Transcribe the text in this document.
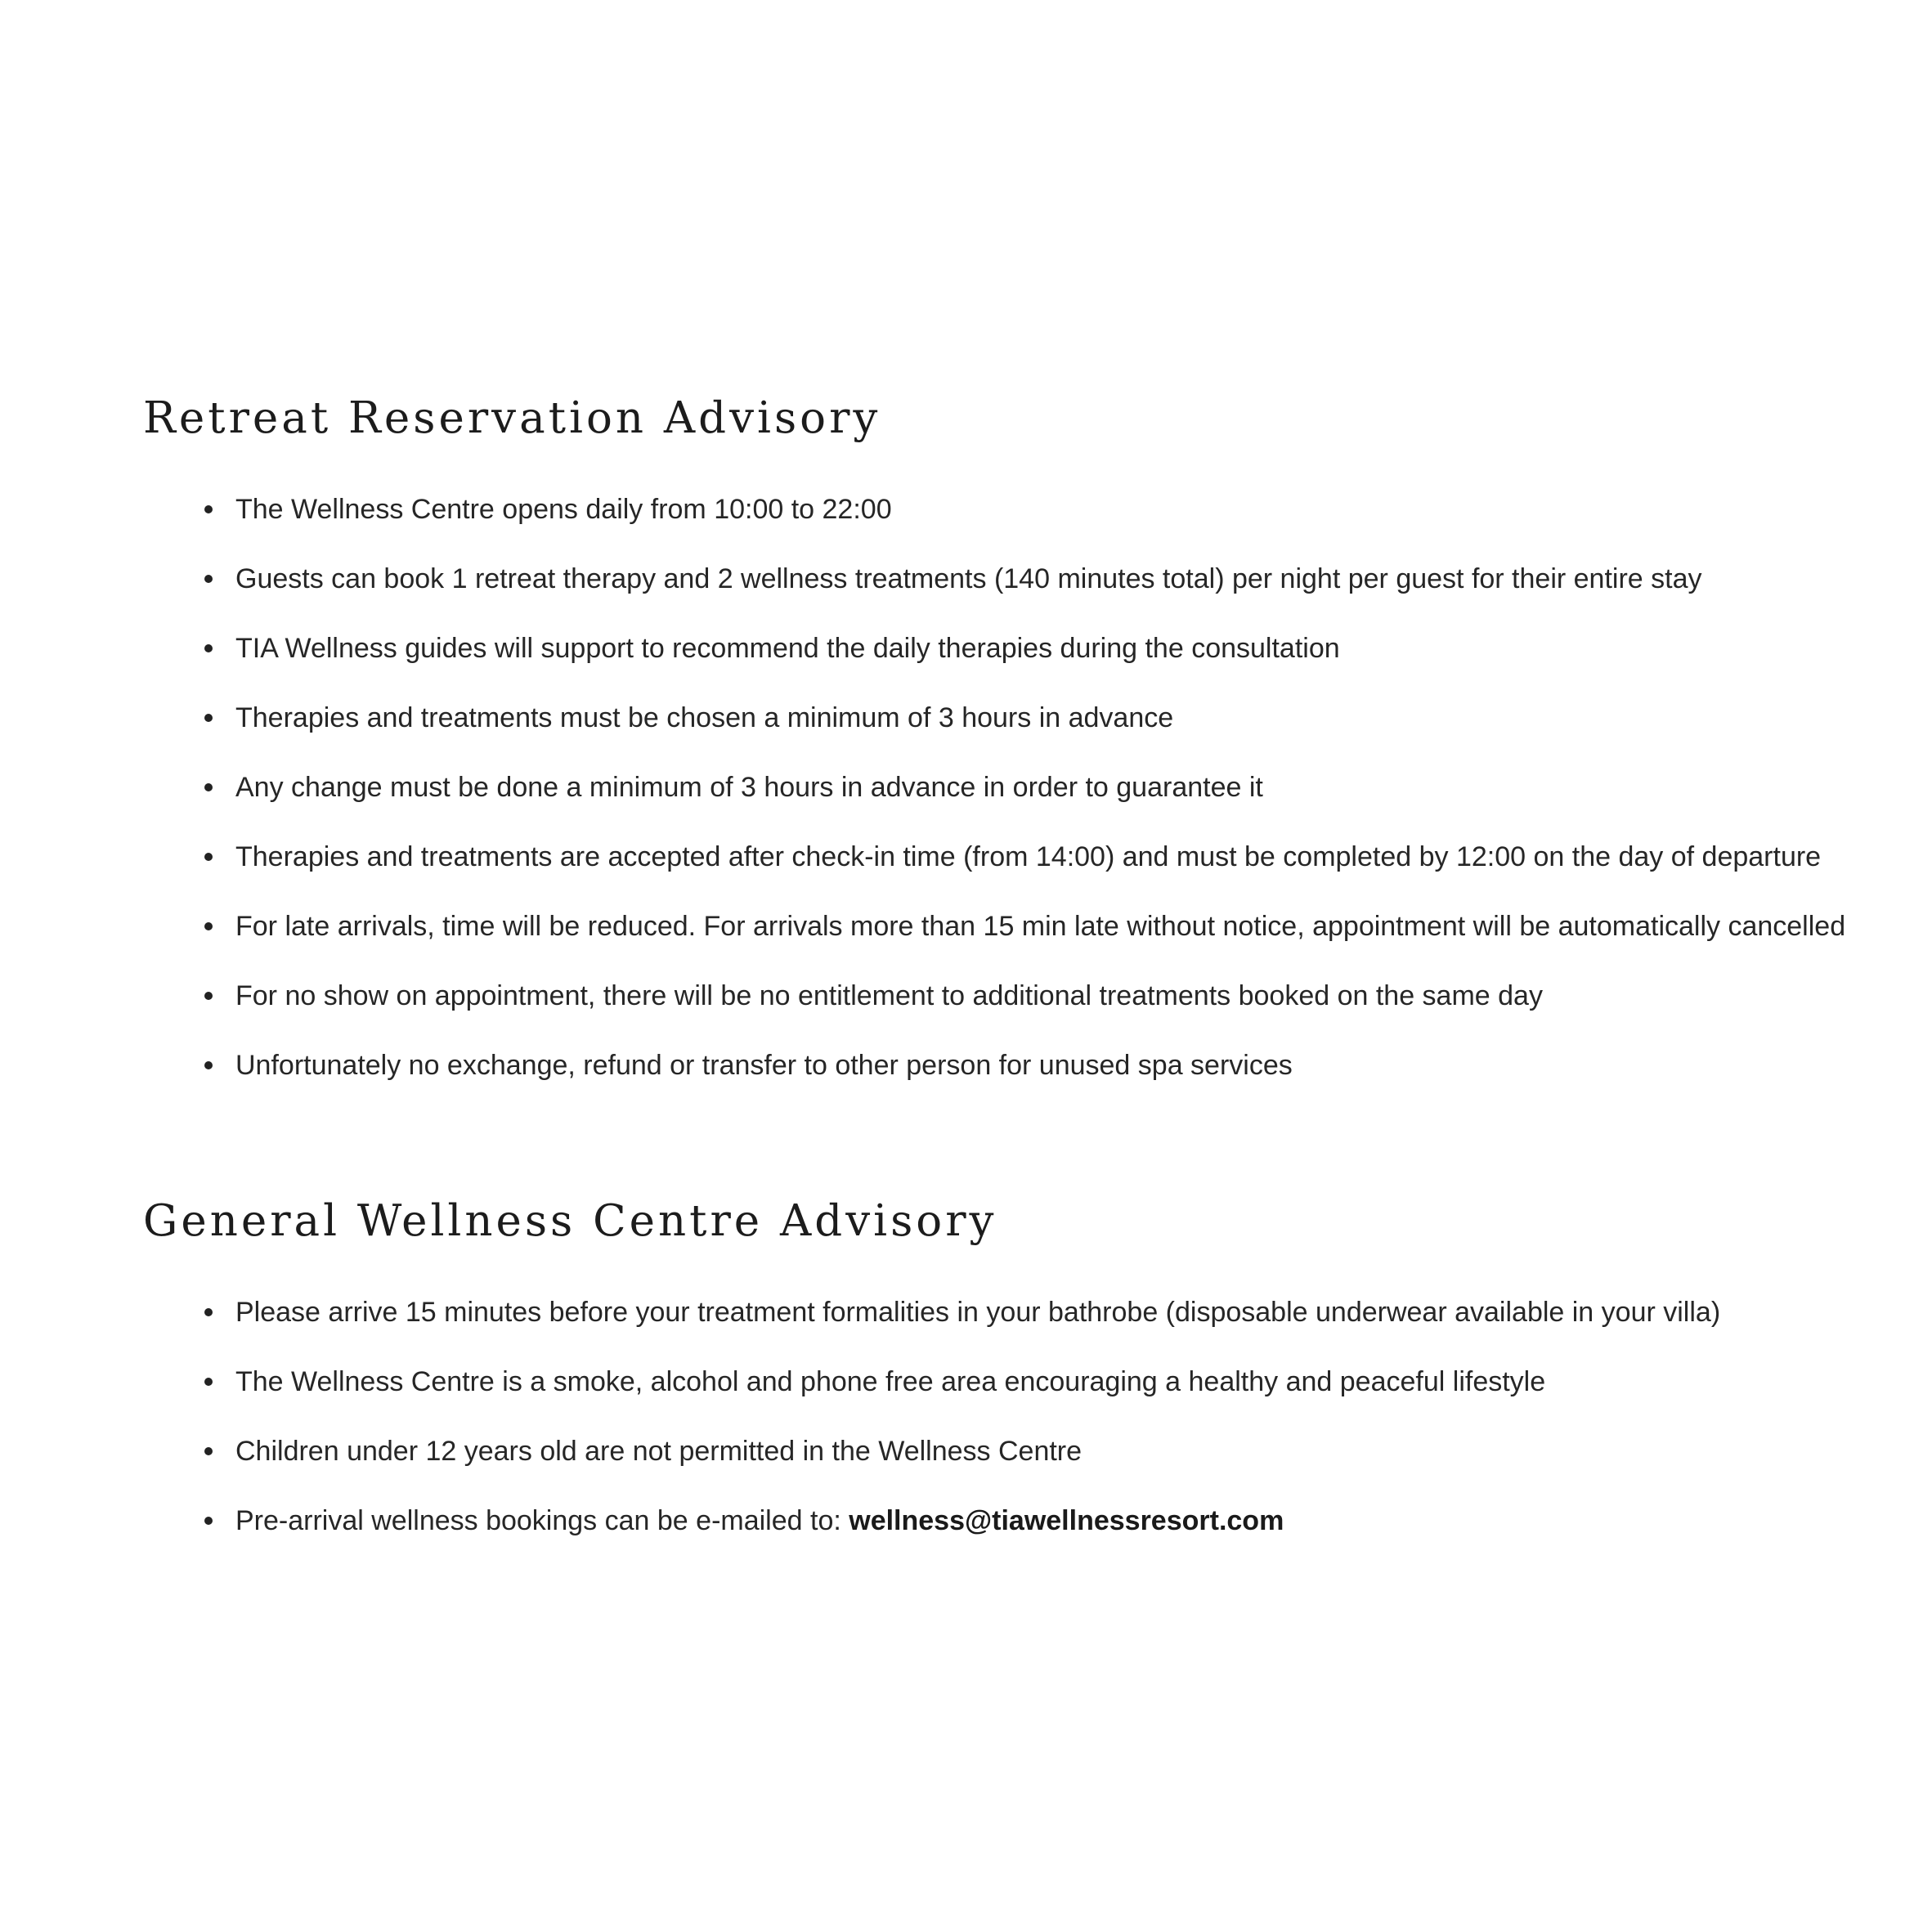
Retreat Reservation Advisory
The Wellness Centre opens daily from 10:00 to 22:00
Guests can book 1 retreat therapy and 2 wellness treatments (140 minutes total) per night per guest for their entire stay
TIA Wellness guides will support to recommend the daily therapies during the consultation
Therapies and treatments must be chosen a minimum of 3 hours in advance
Any change must be done a minimum of 3 hours in advance in order to guarantee it
Therapies and treatments are accepted after check-in time (from 14:00) and must be completed by 12:00 on the day of departure
For late arrivals, time will be reduced. For arrivals more than 15 min late without notice, appointment will be automatically cancelled
For no show on appointment, there will be no entitlement to additional treatments booked on the same day
Unfortunately no exchange, refund or transfer to other person for unused spa services
General Wellness Centre Advisory
Please arrive 15 minutes before your treatment formalities in your bathrobe (disposable underwear available in your villa)
The Wellness Centre is a smoke, alcohol and phone free area encouraging a healthy and peaceful lifestyle
Children under 12 years old are not permitted in the Wellness Centre
Pre-arrival wellness bookings can be e-mailed to: wellness@tiawellnessresort.com
